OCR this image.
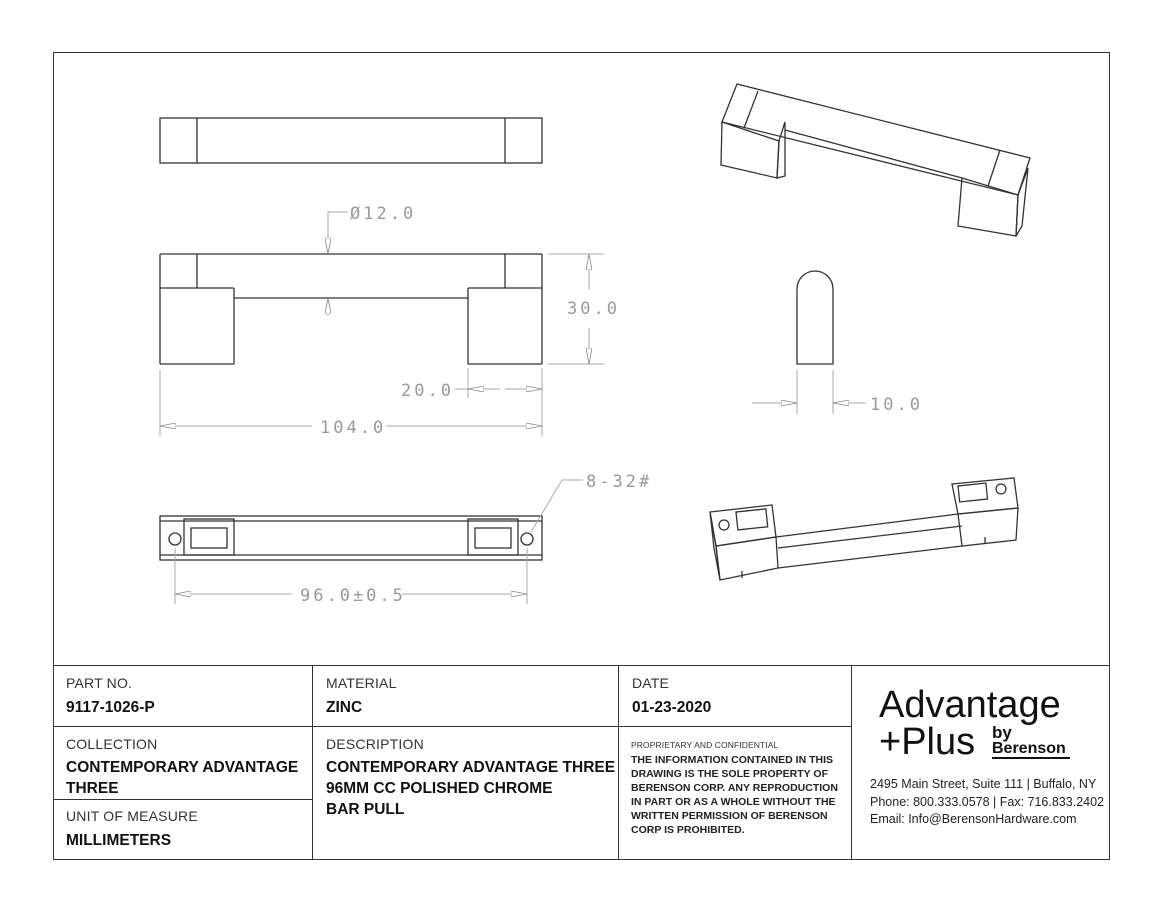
Ø12.0
30.0
20.0
104.0
8-32#
96.0±0.5
10.0
PART NO.
9117-1026-P
MATERIAL
ZINC
DATE
01-23-2020
COLLECTION
CONTEMPORARY ADVANTAGE
THREE
UNIT OF MEASURE
MILLIMETERS
DESCRIPTION
CONTEMPORARY ADVANTAGE THREE
96MM CC POLISHED CHROME
BAR PULL
PROPRIETARY AND CONFIDENTIAL
THE INFORMATION CONTAINED IN THIS
DRAWING IS THE SOLE PROPERTY OF
BERENSON CORP. ANY REPRODUCTION
IN PART OR AS A WHOLE WITHOUT THE
WRITTEN PERMISSION OF BERENSON
CORP IS PROHIBITED.
Advantage
+Plus by
Berenson
2495 Main Street, Suite 111 | Buffalo, NY
Phone: 800.333.0578 | Fax: 716.833.2402
Email: Info@BerensonHardware.com
